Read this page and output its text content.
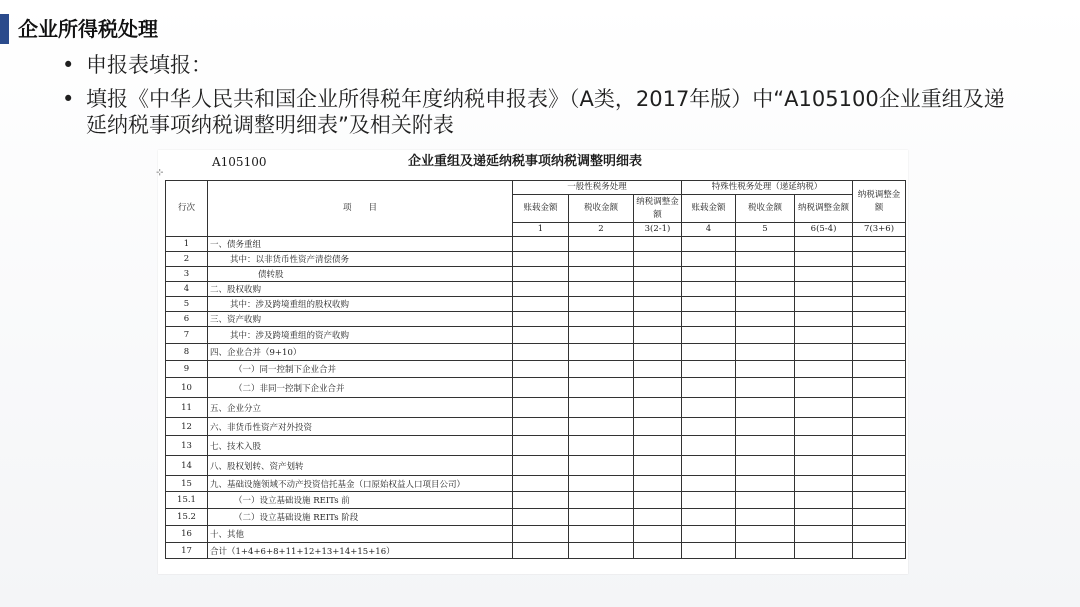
企业所得税处理
• 申报表填报：
• 填报《中华人民共和国企业所得税年度纳税申报表》（A类，2017年版）中“A105100企业重组及递延纳税事项纳税调整明细表”及相关附表
⊹
A105100	企业重组及递延纳税事项纳税调整明细表
行次	项　　目	一般性税务处理			特殊性税务处理（递延纳税）			纳税调整金额
		账载金额	税收金额	纳税调整金额	账载金额	税收金额	纳税调整金额	
		1	2	3(2-1)	4	5	6(5-4)	7(3+6)
1	一、债务重组							
2	其中：以非货币性资产清偿债务							
3	债转股							
4	二、股权收购							
5	其中：涉及跨境重组的股权收购							
6	三、资产收购							
7	其中：涉及跨境重组的资产收购							
8	四、企业合并（9+10）							
9	（一）同一控制下企业合并							
10	（二）非同一控制下企业合并							
11	五、企业分立							
12	六、非货币性资产对外投资							
13	七、技术入股							
14	八、股权划转、资产划转							
15	九、基础设施领域不动产投资信托基金（口原始权益人口项目公司）							
15.1	（一）设立基础设施 REITs 前							
15.2	（二）设立基础设施 REITs 阶段							
16	十、其他							
17	合计（1+4+6+8+11+12+13+14+15+16）							
